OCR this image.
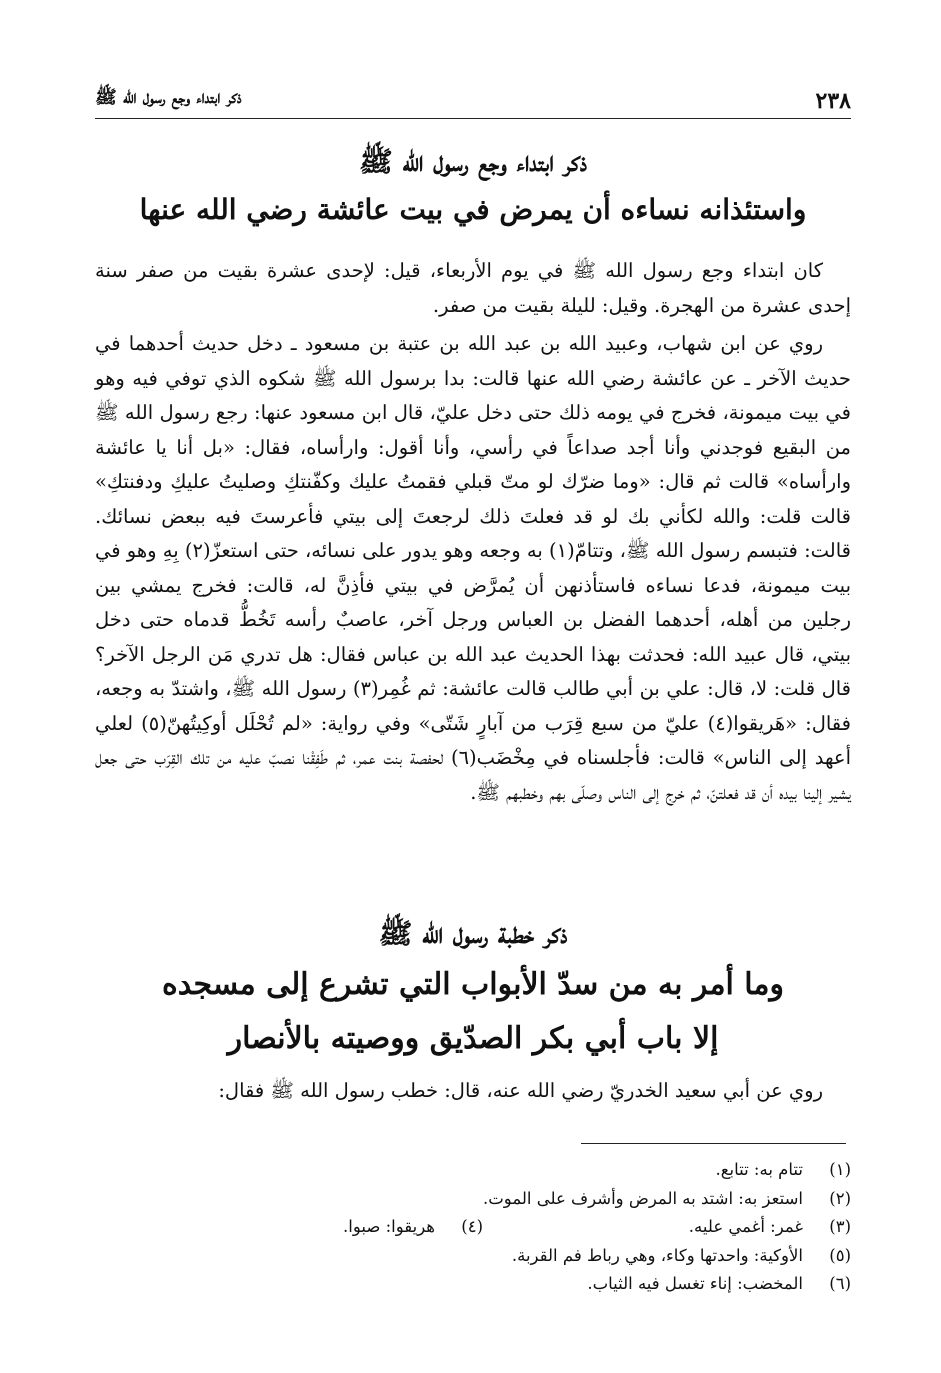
٢٣٨
ذكر ابتداء وجع رسول الله ﷺ
ذكر ابتداء وجع رسول الله ﷺ
واستئذانه نساءه أن يمرض في بيت عائشة رضي الله عنها

كان ابتداء وجع رسول الله ﷺ في يوم الأربعاء، قيل: لإحدى عشرة بقيت من صفر سنة إحدى عشرة من الهجرة. وقيل: لليلة بقيت من صفر.

روي عن ابن شهاب، وعبيد الله بن عبد الله بن عتبة بن مسعود ـ دخل حديث أحدهما في حديث الآخر ـ عن عائشة رضي الله عنها قالت: بدا برسول الله ﷺ شكوه الذي توفي فيه وهو في بيت ميمونة، فخرج في يومه ذلك حتى دخل عليّ، قال ابن مسعود عنها: رجع رسول الله ﷺ من البقيع فوجدني وأنا أجد صداعاً في رأسي، وأنا أقول: وارأساه، فقال: «بل أنا يا عائشة وارأساه» قالت ثم قال: «وما ضرّك لو متّ قبلي فقمتُ عليك وكفّنتكِ وصليتُ عليكِ ودفنتكِ» قالت قلت: والله لكأني بك لو قد فعلتَ ذلك لرجعتَ إلى بيتي فأعرستَ فيه ببعض نسائك. قالت: فتبسم رسول الله ﷺ، وتتامّ(١) به وجعه وهو يدور على نسائه، حتى استعزّ(٢) بِهِ وهو في بيت ميمونة، فدعا نساءه فاستأذنهن أن يُمرَّض في بيتي فأذِنَّ له، قالت: فخرج يمشي بين رجلين من أهله، أحدهما الفضل بن العباس ورجل آخر، عاصبٌ رأسه تَخُطُّ قدماه حتى دخل بيتي، قال عبيد الله: فحدثت بهذا الحديث عبد الله بن عباس فقال: هل تدري مَن الرجل الآخر؟ قال قلت: لا، قال: علي بن أبي طالب قالت عائشة: ثم غُمِر(٣) رسول الله ﷺ، واشتدّ به وجعه، فقال: «هَريقوا(٤) عليّ من سبع قِرَب من آبارٍ شَتّى» وفي رواية: «لم تُحْلَل أوكِيتُهنّ(٥) لعلي أعهد إلى الناس» قالت: فأجلسناه في مِخْضَب(٦) لحفصة بنت عمر، ثم طَفِقْنا نصبّ عليه من تلك القِرَب حتى جعل يشير إلينا بيده أن قد فعلتنّ، ثم خرج إلى الناس وصلّى بهم وخطبهم ﷺ.

ذكر خطبة رسول الله ﷺ
وما أمر به من سدّ الأبواب التي تشرع إلى مسجده
إلا باب أبي بكر الصدّيق ووصيته بالأنصار

روي عن أبي سعيد الخدريّ رضي الله عنه، قال: خطب رسول الله ﷺ فقال:

(١)
تتام به: تتابع.
(٢)
استعز به: اشتد به المرض وأشرف على الموت.
(٣)
غمر: أغمي عليه.
(٤)
هريقوا: صبوا.
(٥)
الأوكية: واحدتها وكاء، وهي رباط فم القربة.
(٦)
المخضب: إناء تغسل فيه الثياب.
